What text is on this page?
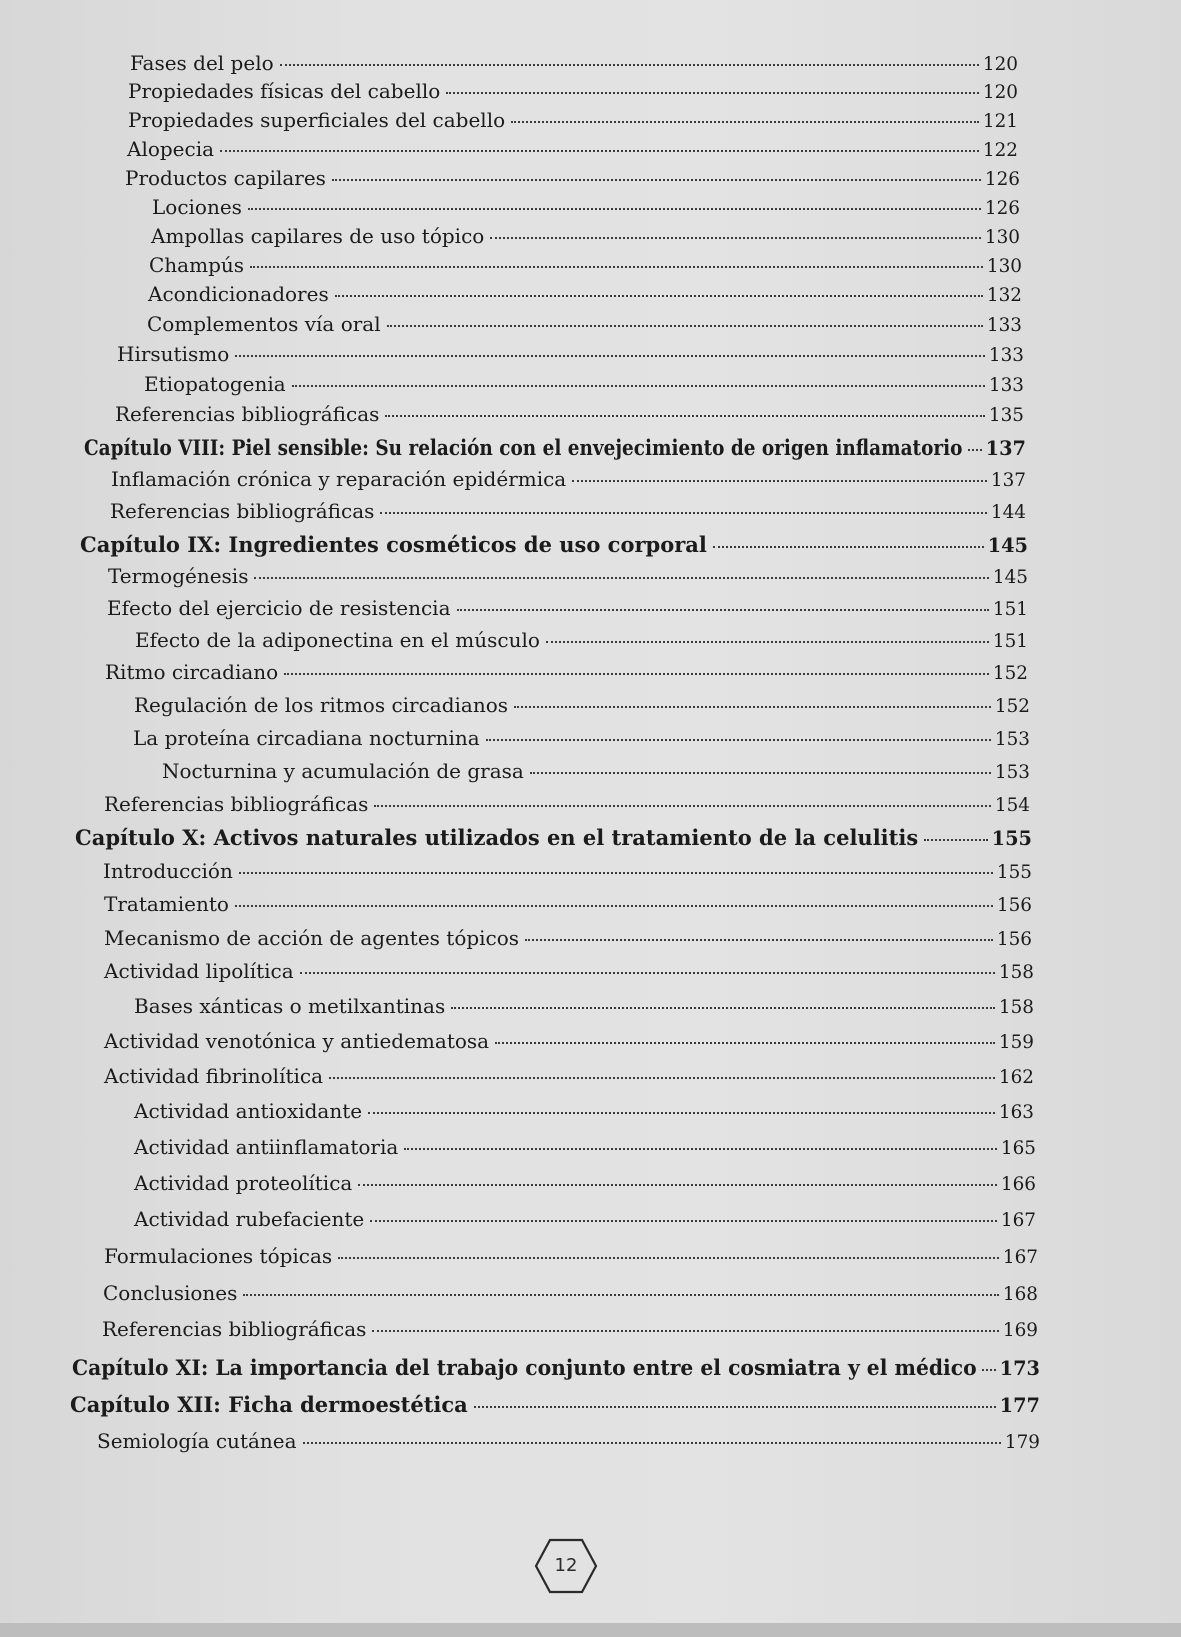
Fases del pelo	120
Propiedades físicas del cabello	120
Propiedades superficiales del cabello	121
Alopecia	122
Productos capilares	126
Lociones	126
Ampollas capilares de uso tópico	130
Champús	130
Acondicionadores	132
Complementos vía oral	133
Hirsutismo	133
Etiopatogenia	133
Referencias bibliográficas	135
Capítulo VIII: Piel sensible: Su relación con el envejecimiento de origen inflamatorio 137
Inflamación crónica y reparación epidérmica	137
Referencias bibliográficas	144
Capítulo IX: Ingredientes cosméticos de uso corporal	145
Termogénesis	145
Efecto del ejercicio de resistencia	151
Efecto de la adiponectina en el músculo	151
Ritmo circadiano	152
Regulación de los ritmos circadianos	152
La proteína circadiana nocturnina	153
Nocturnina y acumulación de grasa	153
Referencias bibliográficas	154
Capítulo X: Activos naturales utilizados en el tratamiento de la celulitis	155
Introducción	155
Tratamiento	156
Mecanismo de acción de agentes tópicos	156
Actividad lipolítica	158
Bases xánticas o metilxantinas	158
Actividad venotónica y antiedematosa	159
Actividad fibrinolítica	162
Actividad antioxidante	163
Actividad antiinflamatoria	165
Actividad proteolítica	166
Actividad rubefaciente	167
Formulaciones tópicas	167
Conclusiones	168
Referencias bibliográficas	169
Capítulo XI: La importancia del trabajo conjunto entre el cosmiatra y el médico 173
Capítulo XII: Ficha dermoestética	177
Semiología cutánea	179
12
